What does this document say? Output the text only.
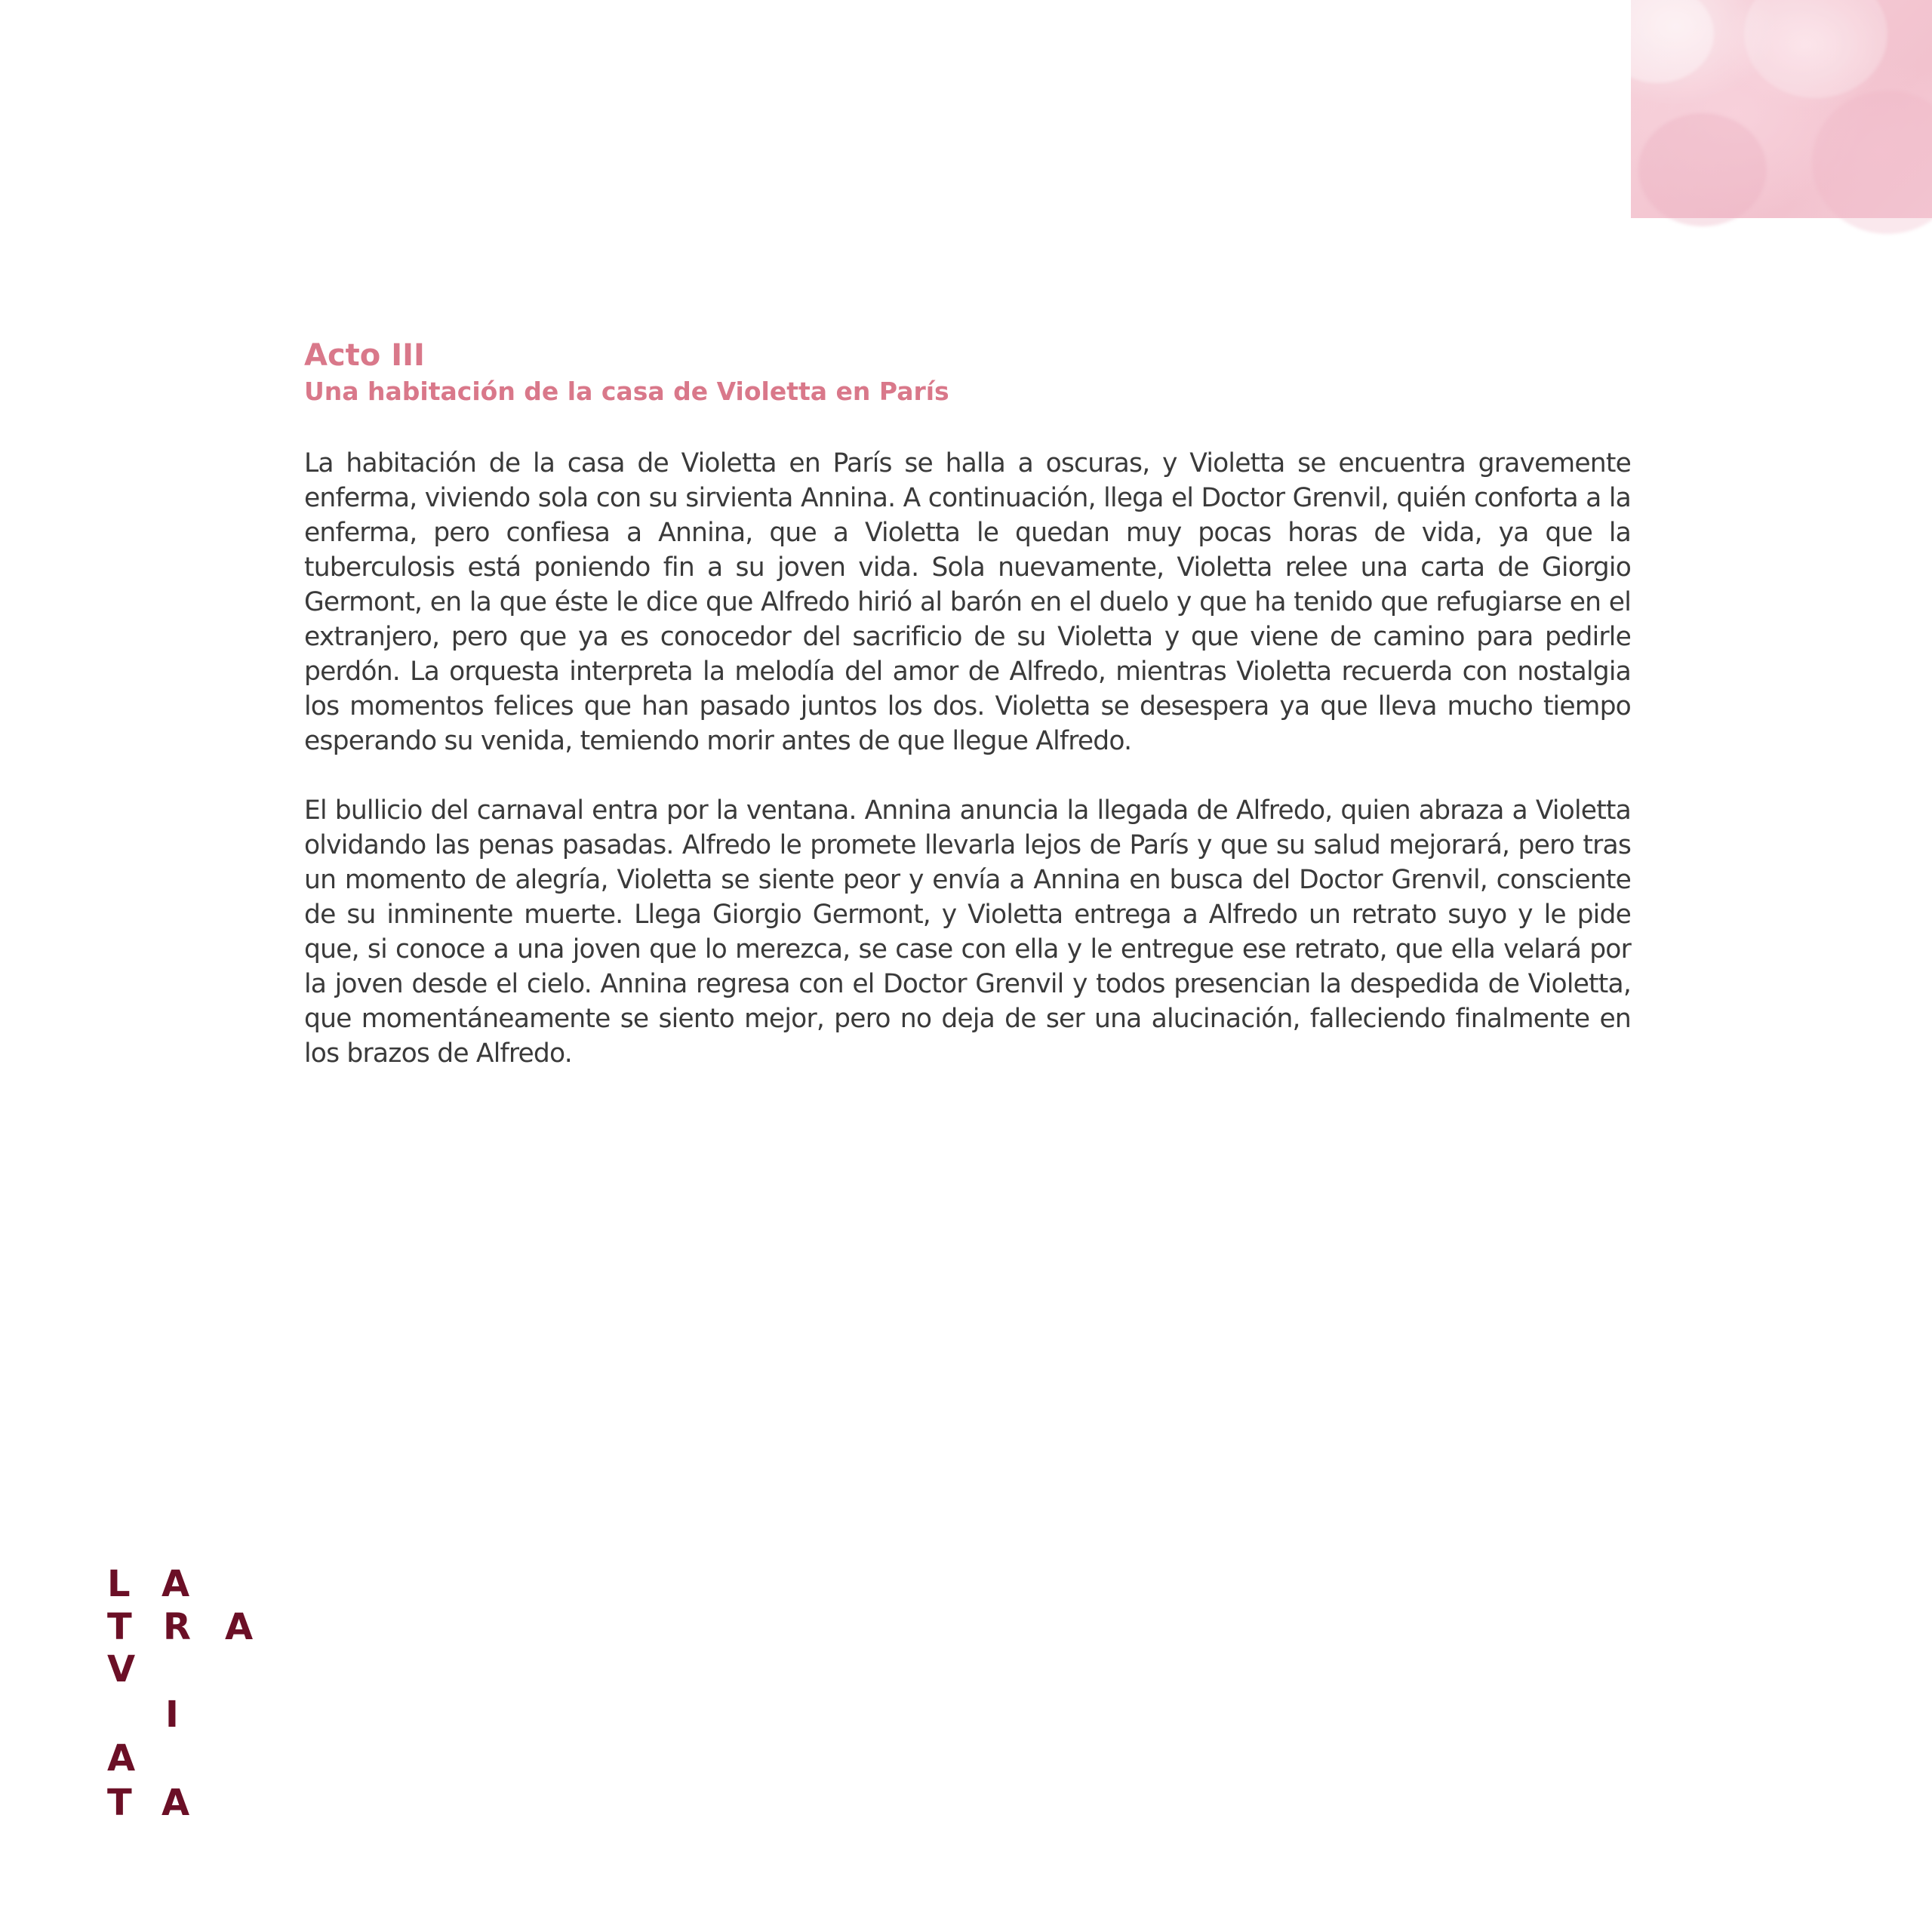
Acto III
Una habitación de la casa de Violetta en París

La habitación de la casa de Violetta en París se halla a oscuras, y Violetta se encuentra gravemente enferma, viviendo sola con su sirvienta Annina. A continuación, llega el Doctor Grenvil, quién conforta a la enferma, pero confiesa a Annina, que a Violetta le quedan muy pocas horas de vida, ya que la tuberculosis está poniendo fin a su joven vida. Sola nuevamente, Violetta relee una carta de Giorgio Germont, en la que éste le dice que Alfredo hirió al barón en el duelo y que ha tenido que refugiarse en el extranjero, pero que ya es conocedor del sacrificio de su Violetta y que viene de camino para pedirle perdón. La orquesta interpreta la melodía del amor de Alfredo, mientras Violetta recuerda con nostalgia los momentos felices que han pasado juntos los dos. Violetta se desespera ya que lleva mucho tiempo esperando su venida, temiendo morir antes de que llegue Alfredo.

El bullicio del carnaval entra por la ventana. Annina anuncia la llegada de Alfredo, quien abraza a Violetta olvidando las penas pasadas. Alfredo le promete llevarla lejos de París y que su salud mejorará, pero tras un momento de alegría, Violetta se siente peor y envía a Annina en busca del Doctor Grenvil, consciente de su inminente muerte. Llega Giorgio Germont, y Violetta entrega a Alfredo un retrato suyo y le pide que, si conoce a una joven que lo merezca, se case con ella y le entregue ese retrato, que ella velará por la joven desde el cielo. Annina regresa con el Doctor Grenvil y todos presencian la despedida de Violetta, que momentáneamente se siento mejor, pero no deja de ser una alucinación, falleciendo finalmente en los brazos de Alfredo.

L A
T R A
V
I
A
T A
